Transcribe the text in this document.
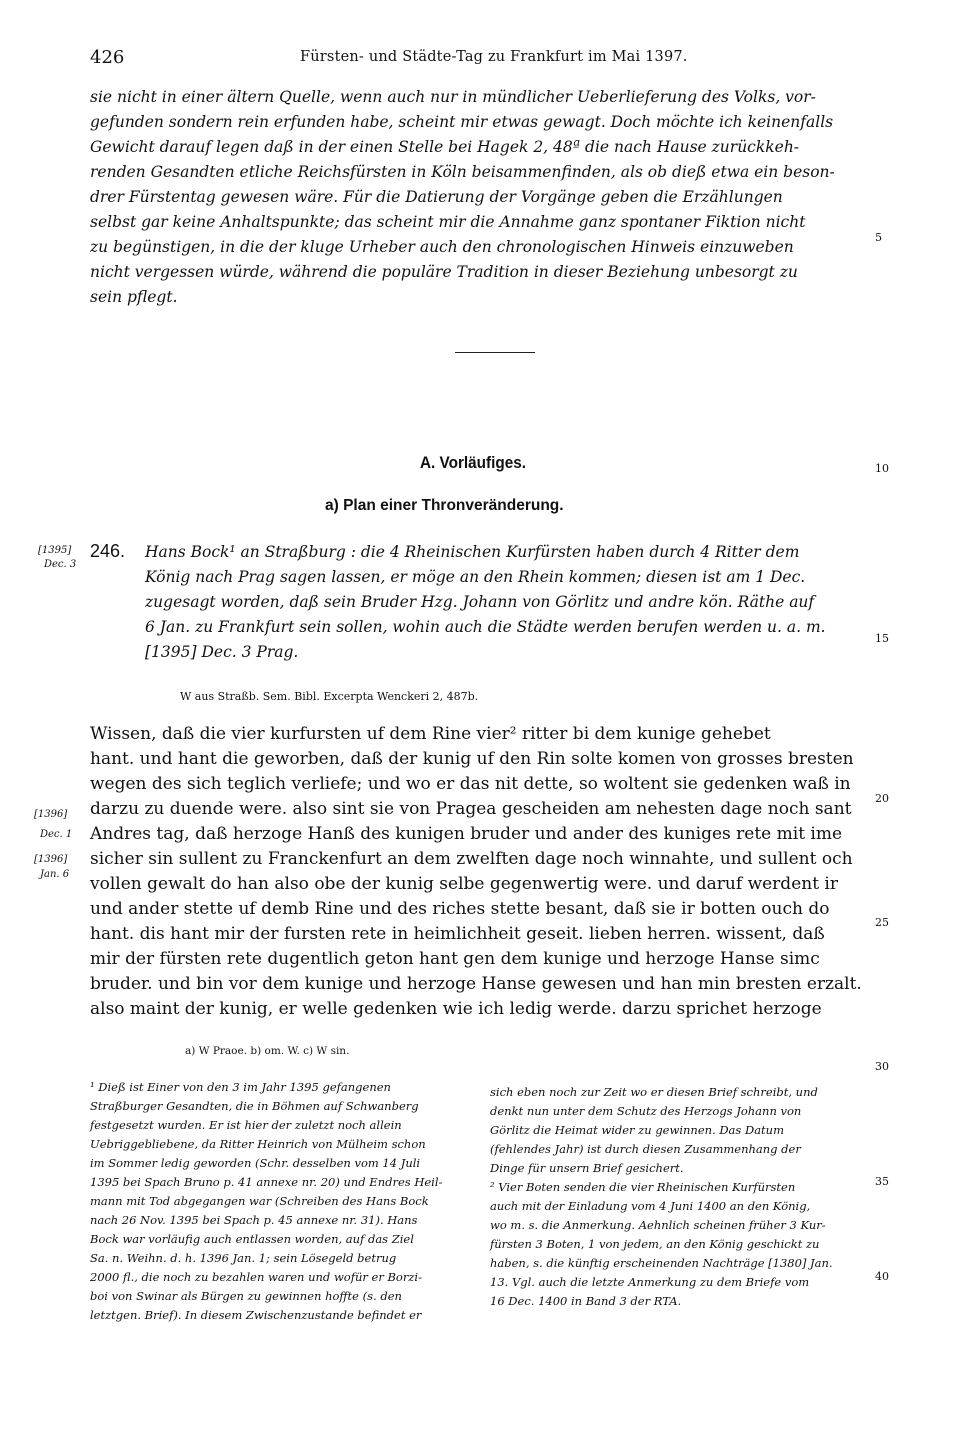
426	Fürsten- und Städte-Tag zu Frankfurt im Mai 1397.
sie nicht in einer ältern Quelle, wenn auch nur in mündlicher Ueberlieferung des Volks, vor-
gefunden sondern rein erfunden habe, scheint mir etwas gewagt. Doch möchte ich keinenfalls
Gewicht darauf legen daß in der einen Stelle bei Hagek 2, 48ª die nach Hause zurückkeh-
renden Gesandten etliche Reichsfürsten in Köln beisammenfinden, als ob dieß etwa ein beson-
drer Fürstentag gewesen wäre. Für die Datierung der Vorgänge geben die Erzählungen
selbst gar keine Anhaltspunkte; das scheint mir die Annahme ganz spontaner Fiktion nicht
zu begünstigen, in die der kluge Urheber auch den chronologischen Hinweis einzuweben
nicht vergessen würde, während die populäre Tradition in dieser Beziehung unbesorgt zu
sein pflegt.
5
A. Vorläufiges.	10
a) Plan einer Thronveränderung.
[1395]
Dec. 3
246. Hans Bock¹ an Straßburg : die 4 Rheinischen Kurfürsten haben durch 4 Ritter dem
König nach Prag sagen lassen, er möge an den Rhein kommen; diesen ist am 1 Dec.
zugesagt worden, daß sein Bruder Hzg. Johann von Görlitz und andre kön. Räthe auf
6 Jan. zu Frankfurt sein sollen, wohin auch die Städte werden berufen werden u. a. m.
[1395] Dec. 3 Prag.
15
W aus Straßb. Sem. Bibl. Excerpta Wenckeri 2, 487b.
Wissen, daß die vier kurfursten uf dem Rine vier² ritter bi dem kunige gehebet
hant. und hant die geworben, daß der kunig uf den Rin solte komen von grosses bresten
wegen des sich teglich verliefe; und wo er das nit dette, so woltent sie gedenken waß in
darzu zu duende were. also sint sie von Pragea gescheiden am nehesten dage noch sant
Andres tag, daß herzoge Hanß des kunigen bruder und ander des kuniges rete mit ime
sicher sin sullent zu Franckenfurt an dem zwelften dage noch winnahte, und sullent och
vollen gewalt do han also obe der kunig selbe gegenwertig were. und daruf werdent ir
und ander stette uf demb Rine und des riches stette besant, daß sie ir botten ouch do
hant. dis hant mir der fursten rete in heimlichheit geseit. lieben herren. wissent, daß
mir der fürsten rete dugentlich geton hant gen dem kunige und herzoge Hanse simc
bruder. und bin vor dem kunige und herzoge Hanse gewesen und han min bresten erzalt.
also maint der kunig, er welle gedenken wie ich ledig werde. darzu sprichet herzoge
20
25
[1396]
Dec. 1
[1396]
Jan. 6
a) W Praoe. b) om. W. c) W sin.
30
¹ Dieß ist Einer von den 3 im Jahr 1395 gefangenen
Straßburger Gesandten, die in Böhmen auf Schwanberg
festgesetzt wurden. Er ist hier der zuletzt noch allein
Uebriggebliebene, da Ritter Heinrich von Mülheim schon
im Sommer ledig geworden (Schr. desselben vom 14 Juli
1395 bei Spach Bruno p. 41 annexe nr. 20) und Endres Heil-
mann mit Tod abgegangen war (Schreiben des Hans Bock
nach 26 Nov. 1395 bei Spach p. 45 annexe nr. 31). Hans
Bock war vorläufig auch entlassen worden, auf das Ziel
Sa. n. Weihn. d. h. 1396 Jan. 1; sein Lösegeld betrug
2000 fl., die noch zu bezahlen waren und wofür er Borzi-
boi von Swinar als Bürgen zu gewinnen hoffte (s. den
letztgen. Brief). In diesem Zwischenzustande befindet er
sich eben noch zur Zeit wo er diesen Brief schreibt, und
denkt nun unter dem Schutz des Herzogs Johann von
Görlitz die Heimat wider zu gewinnen. Das Datum
(fehlendes Jahr) ist durch diesen Zusammenhang der
Dinge für unsern Brief gesichert.
² Vier Boten senden die vier Rheinischen Kurfürsten
auch mit der Einladung vom 4 Juni 1400 an den König,
wo m. s. die Anmerkung. Aehnlich scheinen früher 3 Kur-
fürsten 3 Boten, 1 von jedem, an den König geschickt zu
haben, s. die künftig erscheinenden Nachträge [1380] Jan.
13. Vgl. auch die letzte Anmerkung zu dem Briefe vom
16 Dec. 1400 in Band 3 der RTA.
35
40
